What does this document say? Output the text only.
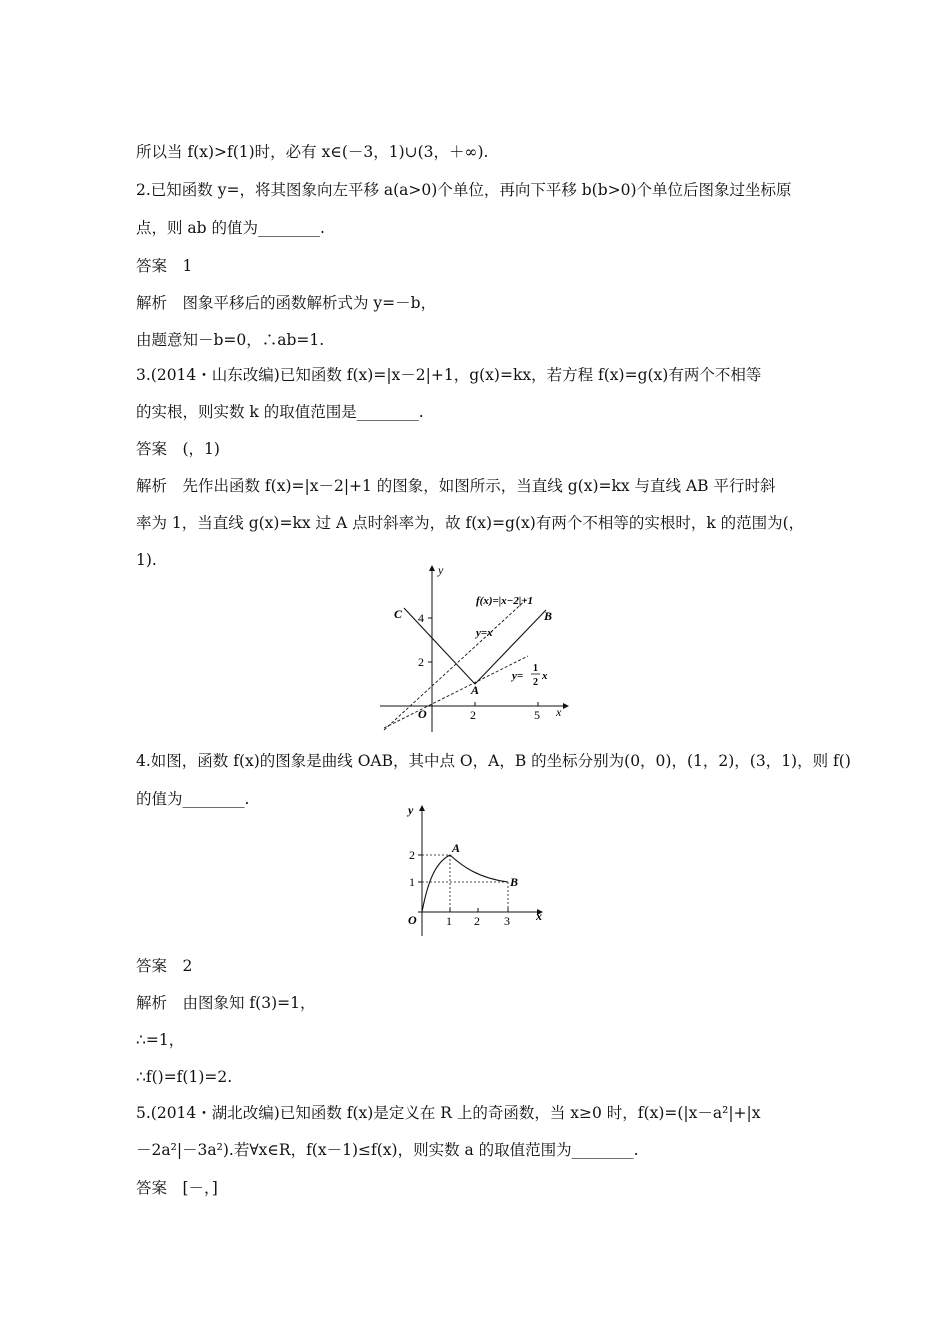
所以当 f(x)>f(1)时，必有 x∈(－3，1)∪(3，＋∞).
2.已知函数 y=，将其图象向左平移 a(a>0)个单位，再向下平移 b(b>0)个单位后图象过坐标原
点，则 ab 的值为________.
答案　1
解析　图象平移后的函数解析式为 y=－b，
由题意知－b=0，∴ab=1.
3.(2014・山东改编)已知函数 f(x)=|x－2|+1，g(x)=kx，若方程 f(x)=g(x)有两个不相等
的实根，则实数 k 的取值范围是________.
答案　(，1)
解析　先作出函数 f(x)=|x－2|+1 的图象，如图所示，当直线 g(x)=kx 与直线 AB 平行时斜
率为 1，当直线 g(x)=kx 过 A 点时斜率为，故 f(x)=g(x)有两个不相等的实根时，k 的范围为(，
1).
y
x
O
4
2
2	5
C	B
A
f(x)=|x−2|+1
y=x
y=
1
2
x
4.如图，函数 f(x)的图象是曲线 OAB，其中点 O，A，B 的坐标分别为(0，0)，(1，2)，(3，1)，则 f()
的值为________.
y
x
O
2
1
1 2 3
A
B
答案　2
解析　由图象知 f(3)=1，
∴=1，
∴f()=f(1)=2.
5.(2014・湖北改编)已知函数 f(x)是定义在 R 上的奇函数，当 x≥0 时，f(x)=(|x－a²|+|x
－2a²|－3a²).若∀x∈R，f(x－1)≤f(x)，则实数 a 的取值范围为________.
答案　[－，]
